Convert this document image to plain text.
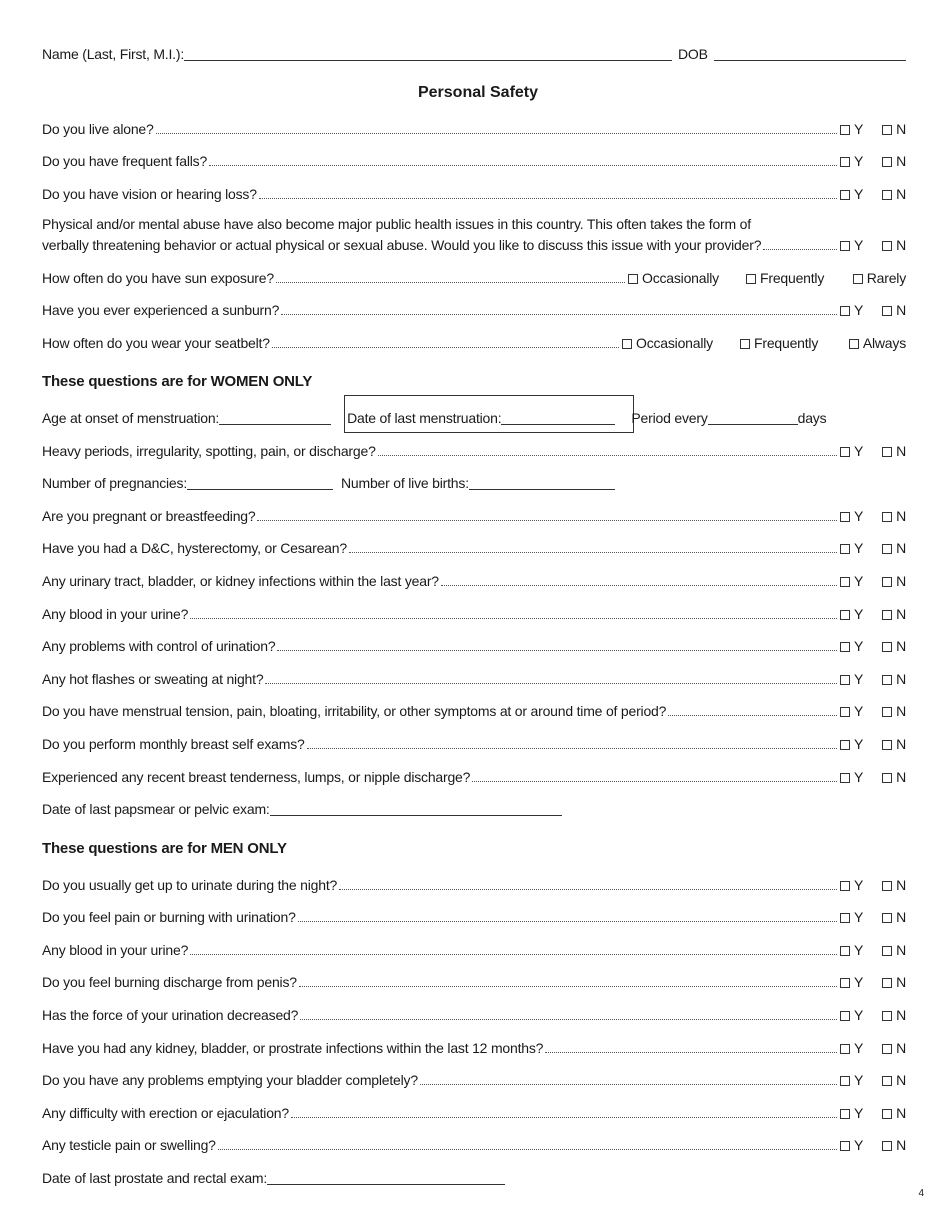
Name (Last, First, M.I.):	DOB
Personal Safety
Do you live alone?	Y N
Do you have frequent falls?	Y N
Do you have vision or hearing loss?	Y N
Physical and/or mental abuse have also become major public health issues in this country. This often takes the form of
verbally threatening behavior or actual physical or sexual abuse. Would you like to discuss this issue with your provider?	Y N
How often do you have sun exposure?	Occasionally	Frequently	Rarely
Have you ever experienced a sunburn?	Y N
How often do you wear your seatbelt?	Occasionally	Frequently	Always
These questions are for WOMEN ONLY
Age at onset of menstruation:	Date of last menstruation:	Period every	days
Heavy periods, irregularity, spotting, pain, or discharge?	Y N
Number of pregnancies:	Number of live births:
Are you pregnant or breastfeeding?	Y N
Have you had a D&C, hysterectomy, or Cesarean?	Y N
Any urinary tract, bladder, or kidney infections within the last year?	Y N
Any blood in your urine?	Y N
Any problems with control of urination?	Y N
Any hot flashes or sweating at night?	Y N
Do you have menstrual tension, pain, bloating, irritability, or other symptoms at or around time of period?	Y N
Do you perform monthly breast self exams?	Y N
Experienced any recent breast tenderness, lumps, or nipple discharge?	Y N
Date of last papsmear or pelvic exam:
These questions are for MEN ONLY
Do you usually get up to urinate during the night?	Y N
Do you feel pain or burning with urination?	Y N
Any blood in your urine?	Y N
Do you feel burning discharge from penis?	Y N
Has the force of your urination decreased?	Y N
Have you had any kidney, bladder, or prostrate infections within the last 12 months?	Y N
Do you have any problems emptying your bladder completely?	Y N
Any difficulty with erection or ejaculation?	Y N
Any testicle pain or swelling?	Y N
Date of last prostate and rectal exam:
4
